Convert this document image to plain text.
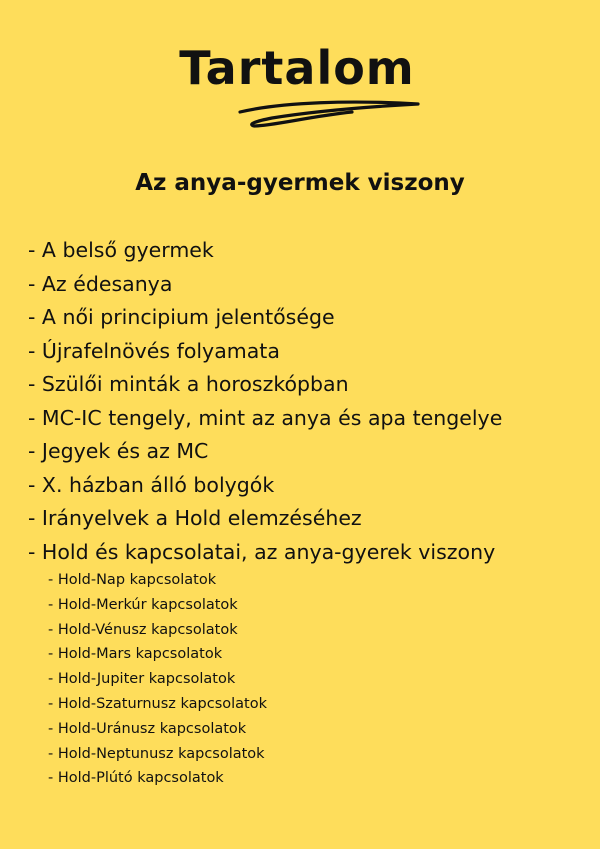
Tartalom
Az anya-gyermek viszony
- A belső gyermek
- Az édesanya
- A női principium jelentősége
- Újrafelnövés folyamata
- Szülői minták a horoszkópban
- MC-IC tengely, mint az anya és apa tengelye
- Jegyek és az MC
- X. házban álló bolygók
- Irányelvek a Hold elemzéséhez
- Hold és kapcsolatai, az anya-gyerek viszony
- Hold-Nap kapcsolatok
- Hold-Merkúr kapcsolatok
- Hold-Vénusz kapcsolatok
- Hold-Mars kapcsolatok
- Hold-Jupiter kapcsolatok
- Hold-Szaturnusz kapcsolatok
- Hold-Uránusz kapcsolatok
- Hold-Neptunusz kapcsolatok
- Hold-Plútó kapcsolatok
